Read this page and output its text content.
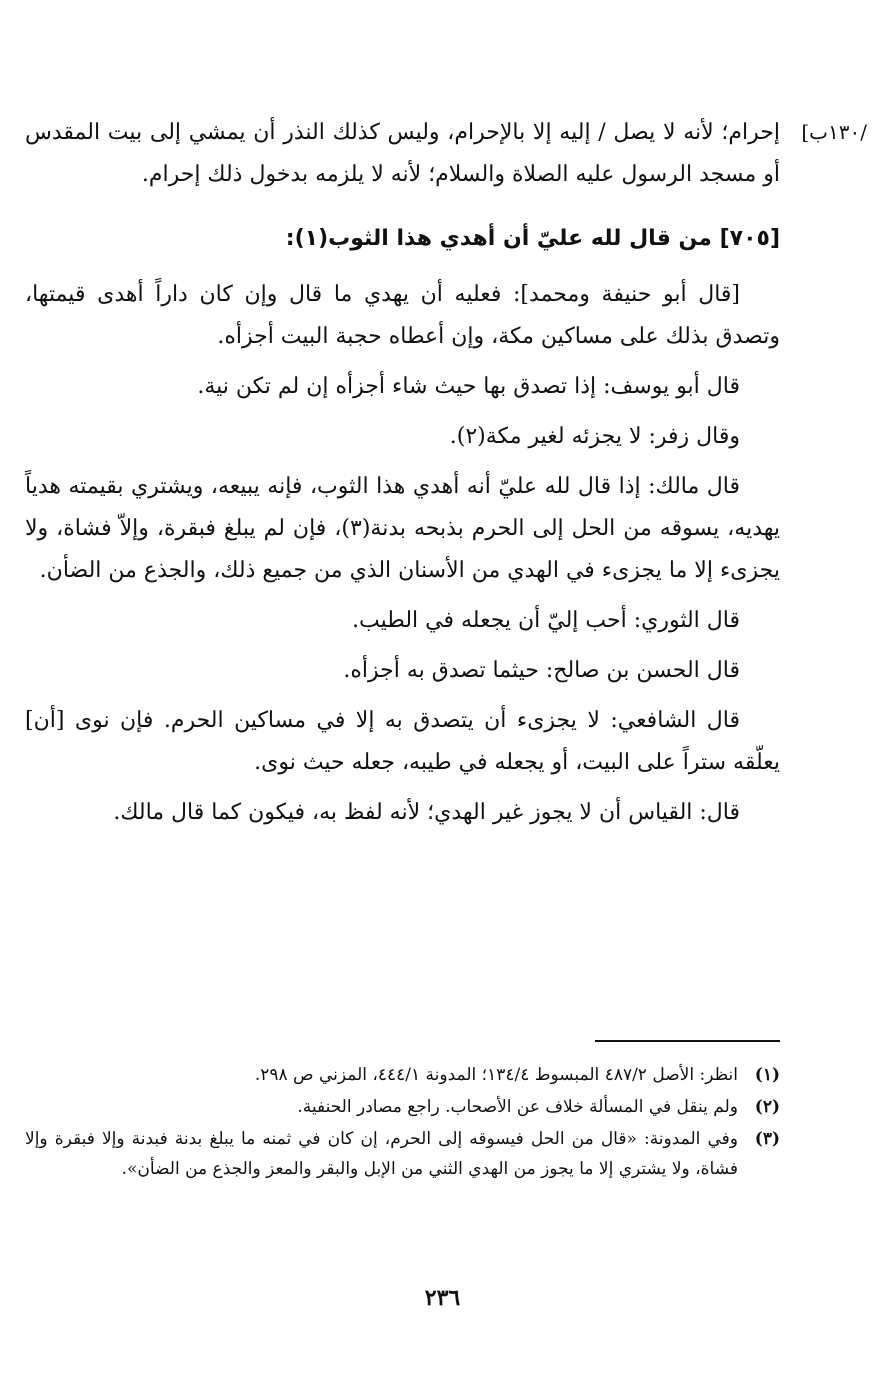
/١٣٠ب]

إحرام؛ لأنه لا يصل / إليه إلا بالإحرام، وليس كذلك النذر أن يمشي إلى بيت المقدس أو مسجد الرسول عليه الصلاة والسلام؛ لأنه لا يلزمه بدخول ذلك إحرام.

[٧٠٥] من قال لله عليّ أن أهدي هذا الثوب(١):

[قال أبو حنيفة ومحمد]: فعليه أن يهدي ما قال وإن كان داراً أهدى قيمتها، وتصدق بذلك على مساكين مكة، وإن أعطاه حجبة البيت أجزأه.

قال أبو يوسف: إذا تصدق بها حيث شاء أجزأه إن لم تكن نية.

وقال زفر: لا يجزئه لغير مكة(٢).

قال مالك: إذا قال لله عليّ أنه أهدي هذا الثوب، فإنه يبيعه، ويشتري بقيمته هدياً يهديه، يسوقه من الحل إلى الحرم بذبحه بدنة(٣)، فإن لم يبلغ فبقرة، وإلاّ فشاة، ولا يجزىء إلا ما يجزىء في الهدي من الأسنان الذي من جميع ذلك، والجذع من الضأن.

قال الثوري: أحب إليّ أن يجعله في الطيب.

قال الحسن بن صالح: حيثما تصدق به أجزأه.

قال الشافعي: لا يجزىء أن يتصدق به إلا في مساكين الحرم. فإن نوى [أن] يعلّقه ستراً على البيت، أو يجعله في طيبه، جعله حيث نوى.

قال: القياس أن لا يجوز غير الهدي؛ لأنه لفظ به، فيكون كما قال مالك.

(١)
انظر: الأصل ٤٨٧/٢ المبسوط ١٣٤/٤؛ المدونة ٤٤٤/١، المزني ص ٢٩٨.
(٢)
ولم ينقل في المسألة خلاف عن الأصحاب. راجع مصادر الحنفية.
(٣)
وفي المدونة: «قال من الحل فيسوقه إلى الحرم، إن كان في ثمنه ما يبلغ بدنة فبدنة وإلا فبقرة وإلا فشاة، ولا يشتري إلا ما يجوز من الهدي الثني من الإبل والبقر والمعز والجذع من الضأن».
٢٣٦
